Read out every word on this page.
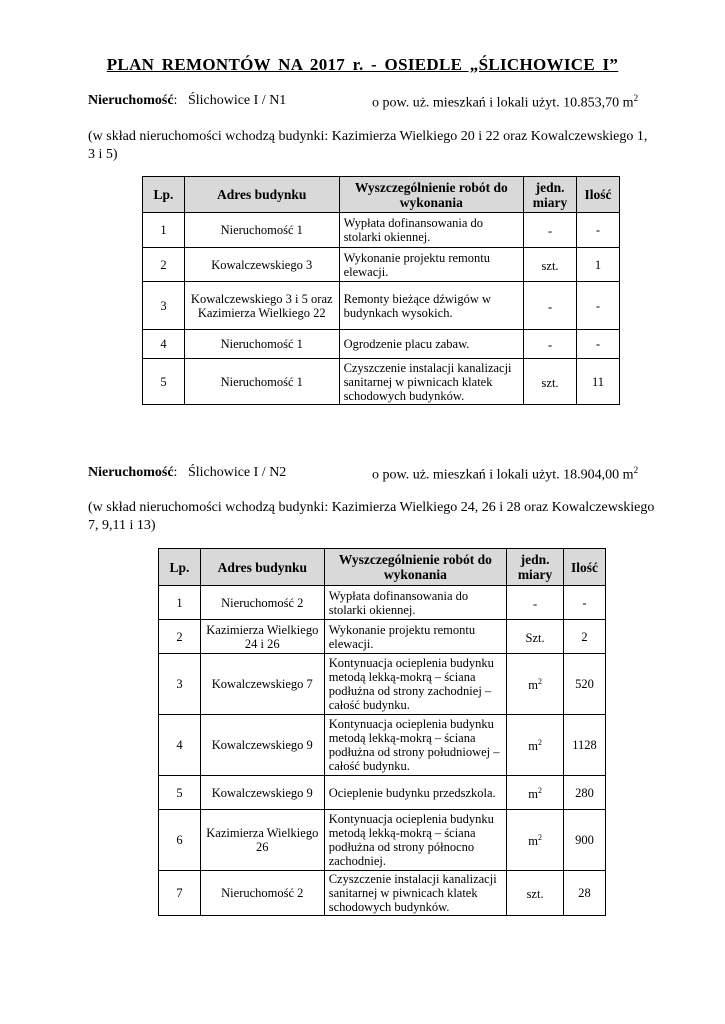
PLAN REMONTÓW NA 2017 r. - OSIEDLE „ŚLICHOWICE I”
Nieruchomość: Ślichowice I / N1	o pow. uż. mieszkań i lokali użyt. 10.853,70 $m^2$
(w skład nieruchomości wchodzą budynki: Kazimierza Wielkiego 20 i 22 oraz Kowalczewskiego 1,
3 i 5)
Lp.	Adres budynku	Wyszczególnienie robót do wykonania	jedn. miary	Ilość
1	Nieruchomość 1	Wypłata dofinansowania do stolarki okiennej.	-	-
2	Kowalczewskiego 3	Wykonanie projektu remontu elewacji.	szt.	1
3	Kowalczewskiego 3 i 5 oraz Kazimierza Wielkiego 22	Remonty bieżące dźwigów w budynkach wysokich.	-	-
4	Nieruchomość 1	Ogrodzenie placu zabaw.	-	-
5	Nieruchomość 1	Czyszczenie instalacji kanalizacji sanitarnej w piwnicach klatek schodowych budynków.	szt.	11
Nieruchomość: Ślichowice I / N2	o pow. uż. mieszkań i lokali użyt. 18.904,00 $m^2$
(w skład nieruchomości wchodzą budynki: Kazimierza Wielkiego 24, 26 i 28 oraz Kowalczewskiego
7, 9,11 i 13)
Lp.	Adres budynku	Wyszczególnienie robót do wykonania	jedn. miary	Ilość
1	Nieruchomość 2	Wypłata dofinansowania do stolarki okiennej.	-	-
2	Kazimierza Wielkiego 24 i 26	Wykonanie projektu remontu elewacji.	Szt.	2
3	Kowalczewskiego 7	Kontynuacja ocieplenia budynku metodą lekką-mokrą – ściana podłużna od strony zachodniej – całość budynku.	$m^2$	520
4	Kowalczewskiego 9	Kontynuacja ocieplenia budynku metodą lekką-mokrą – ściana podłużna od strony południowej – całość budynku.	$m^2$	1128
5	Kowalczewskiego 9	Ocieplenie budynku przedszkola.	$m^2$	280
6	Kazimierza Wielkiego 26	Kontynuacja ocieplenia budynku metodą lekką-mokrą – ściana podłużna od strony północno zachodniej.	$m^2$	900
7	Nieruchomość 2	Czyszczenie instalacji kanalizacji sanitarnej w piwnicach klatek schodowych budynków.	szt.	28
